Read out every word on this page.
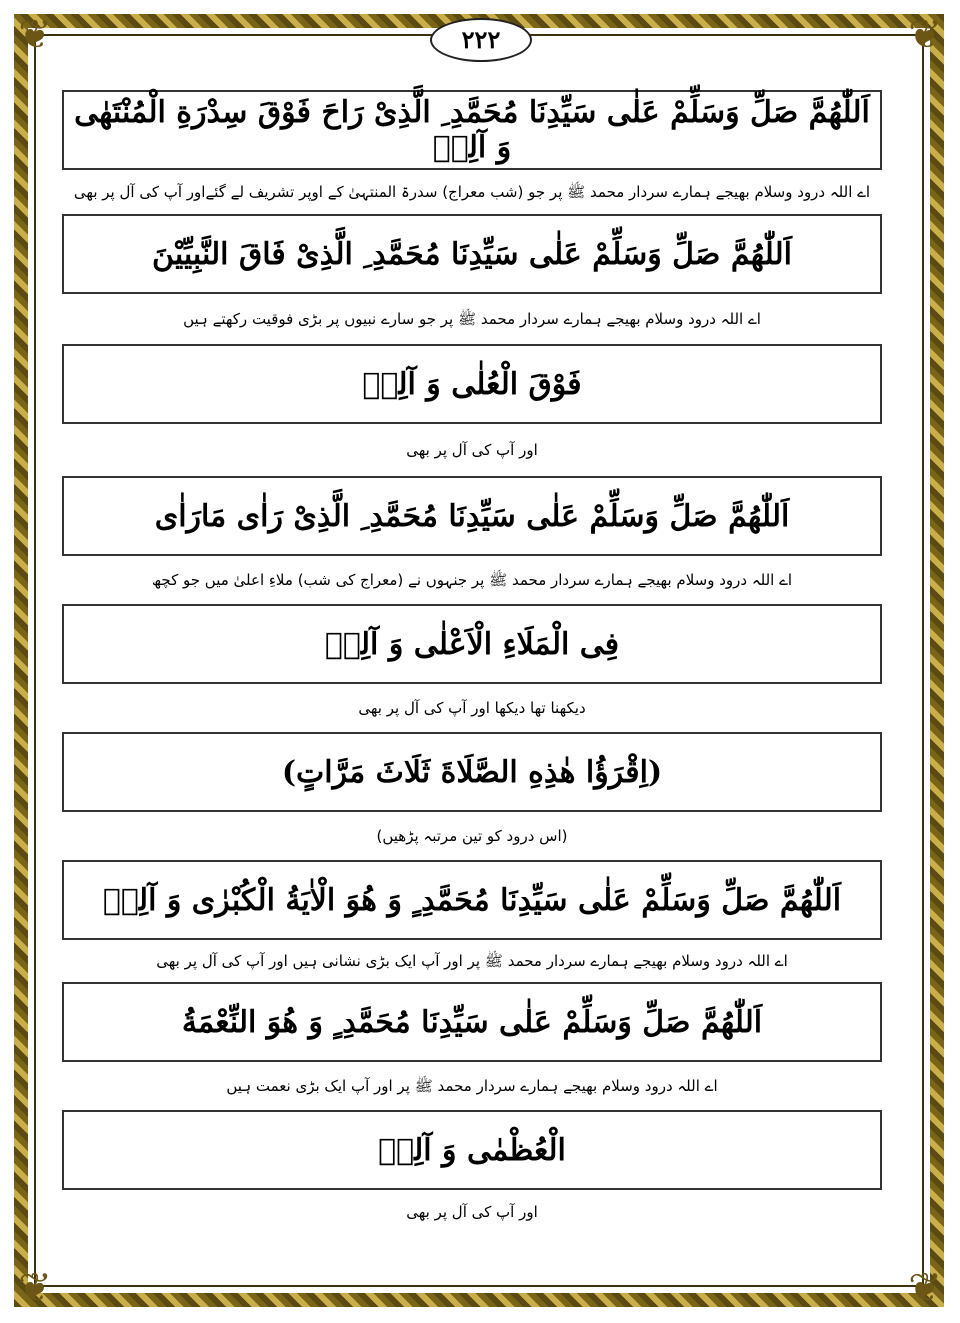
❦	❦
❦	❦
۲۲۲
اَللّٰهُمَّ صَلِّ وَسَلِّمْ عَلٰی سَیِّدِنَا مُحَمَّدِ ِ الَّذِیْ رَاحَ فَوْقَ سِدْرَةِ الْمُنْتَهٰی وَ آلِهٖ
اے اللہ درود وسلام بھیجے ہمارے سردار محمد ﷺ پر جو (شب معراج) سدرۃ المنتہیٰ کے اوپر تشریف لے گئےاور آپ کی آل پر بھی
اَللّٰهُمَّ صَلِّ وَسَلِّمْ عَلٰی سَیِّدِنَا مُحَمَّدِ ِ الَّذِیْ فَاقَ النَّبِیِّیْنَ
اے اللہ درود وسلام بھیجے ہمارے سردار محمد ﷺ پر جو سارے نبیوں پر بڑی فوقیت رکھتے ہیں
فَوْقَ الْعُلٰی وَ آلِهٖ
اور آپ کی آل پر بھی
اَللّٰهُمَّ صَلِّ وَسَلِّمْ عَلٰی سَیِّدِنَا مُحَمَّدِ ِ الَّذِیْ رَاٰی مَارَاٰی
اے اللہ درود وسلام بھیجے ہمارے سردار محمد ﷺ پر جنہوں نے (معراج کی شب) ملاءِ اعلیٰ میں جو کچھ
فِی الْمَلَاءِ الْاَعْلٰی وَ آلِهٖ
دیکھنا تھا دیکھا اور آپ کی آل پر بھی
(اِقْرَؤُا هٰذِهِ الصَّلَاةَ ثَلَاثَ مَرَّاتٍ)
(اس درود کو تین مرتبہ پڑھیں)
اَللّٰهُمَّ صَلِّ وَسَلِّمْ عَلٰی سَیِّدِنَا مُحَمَّدِ ٍ وَ هُوَ الْاٰیَةُ الْكُبْرٰی وَ آلِهٖ
اے اللہ درود وسلام بھیجے ہمارے سردار محمد ﷺ پر اور آپ ایک بڑی نشانی ہیں اور آپ کی آل پر بھی
اَللّٰهُمَّ صَلِّ وَسَلِّمْ عَلٰی سَیِّدِنَا مُحَمَّدِ ٍ وَ هُوَ النِّعْمَةُ
اے اللہ درود وسلام بھیجے ہمارے سردار محمد ﷺ پر اور آپ ایک بڑی نعمت ہیں
الْعُظْمٰی وَ آلِهٖ
اور آپ کی آل پر بھی
